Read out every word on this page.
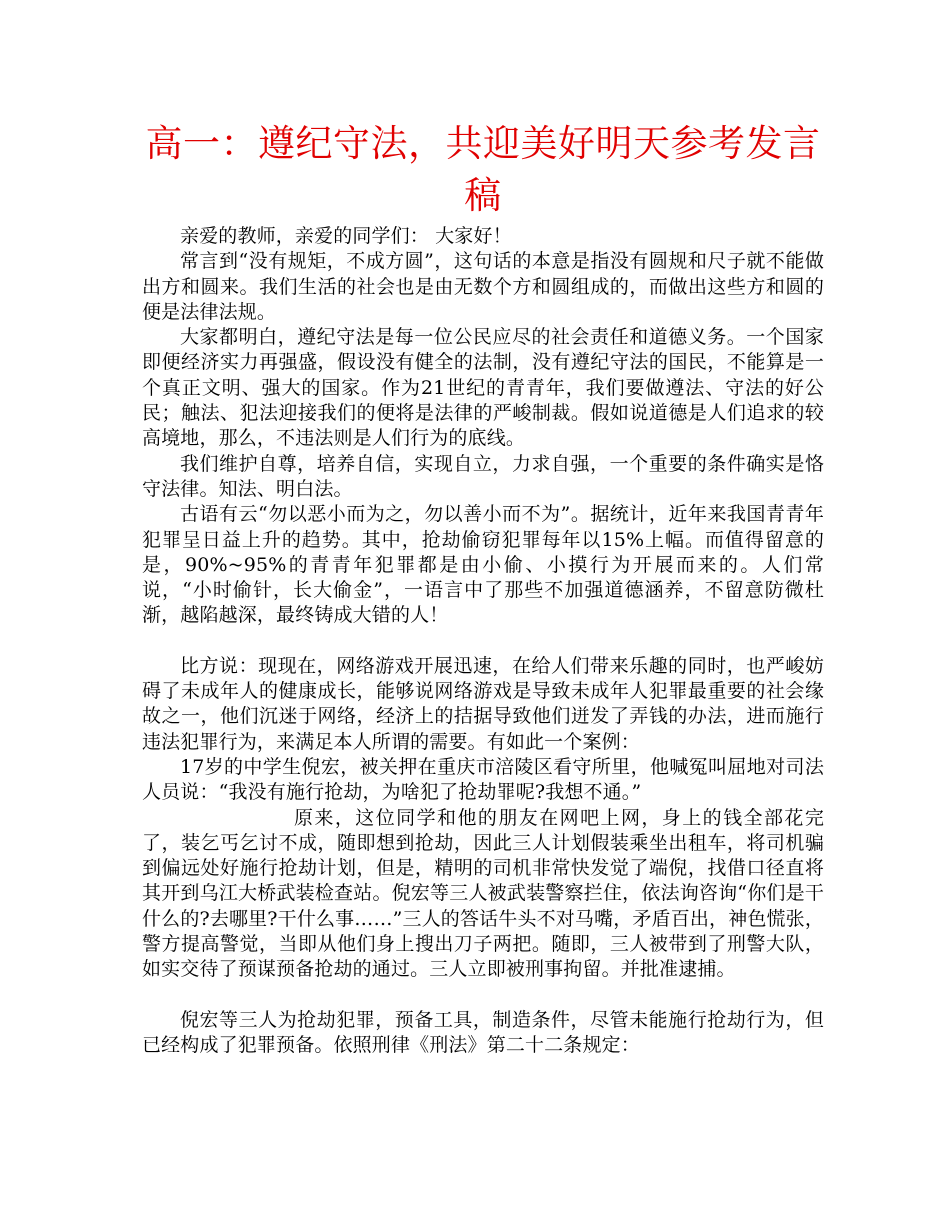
高一：遵纪守法，共迎美好明天参考发言稿

亲爱的教师，亲爱的同学们： 大家好！

常言到“没有规矩，不成方圆”，这句话的本意是指没有圆规和尺子就不能做出方和圆来。我们生活的社会也是由无数个方和圆组成的，而做出这些方和圆的便是法律法规。

大家都明白，遵纪守法是每一位公民应尽的社会责任和道德义务。一个国家即便经济实力再强盛，假设没有健全的法制，没有遵纪守法的国民，不能算是一个真正文明、强大的国家。作为21世纪的青青年，我们要做遵法、守法的好公民；触法、犯法迎接我们的便将是法律的严峻制裁。假如说道德是人们追求的较高境地，那么，不违法则是人们行为的底线。

我们维护自尊，培养自信，实现自立，力求自强，一个重要的条件确实是恪守法律。知法、明白法。

古语有云“勿以恶小而为之，勿以善小而不为”。据统计，近年来我国青青年犯罪呈日益上升的趋势。其中，抢劫偷窃犯罪每年以15%上幅。而值得留意的是，90%~95%的青青年犯罪都是由小偷、小摸行为开展而来的。人们常说，“小时偷针，长大偷金”，一语言中了那些不加强道德涵养，不留意防微杜渐，越陷越深，最终铸成大错的人！

比方说：现现在，网络游戏开展迅速，在给人们带来乐趣的同时，也严峻妨碍了未成年人的健康成长，能够说网络游戏是导致未成年人犯罪最重要的社会缘故之一，他们沉迷于网络，经济上的拮据导致他们迸发了弄钱的办法，进而施行违法犯罪行为，来满足本人所谓的需要。有如此一个案例：

17岁的中学生倪宏，被关押在重庆市涪陵区看守所里，他喊冤叫屈地对司法人员说：“我没有施行抢劫，为啥犯了抢劫罪呢?我想不通。”

原来，这位同学和他的朋友在网吧上网，身上的钱全部花完了，装乞丐乞讨不成，随即想到抢劫，因此三人计划假装乘坐出租车，将司机骗到偏远处好施行抢劫计划，但是，精明的司机非常快发觉了端倪，找借口径直将其开到乌江大桥武装检查站。倪宏等三人被武装警察拦住，依法询咨询“你们是干什么的?去哪里?干什么事……”三人的答话牛头不对马嘴，矛盾百出，神色慌张，警方提高警觉，当即从他们身上搜出刀子两把。随即，三人被带到了刑警大队，如实交待了预谋预备抢劫的通过。三人立即被刑事拘留。并批准逮捕。

倪宏等三人为抢劫犯罪，预备工具，制造条件，尽管未能施行抢劫行为，但已经构成了犯罪预备。依照刑律《刑法》第二十二条规定：
